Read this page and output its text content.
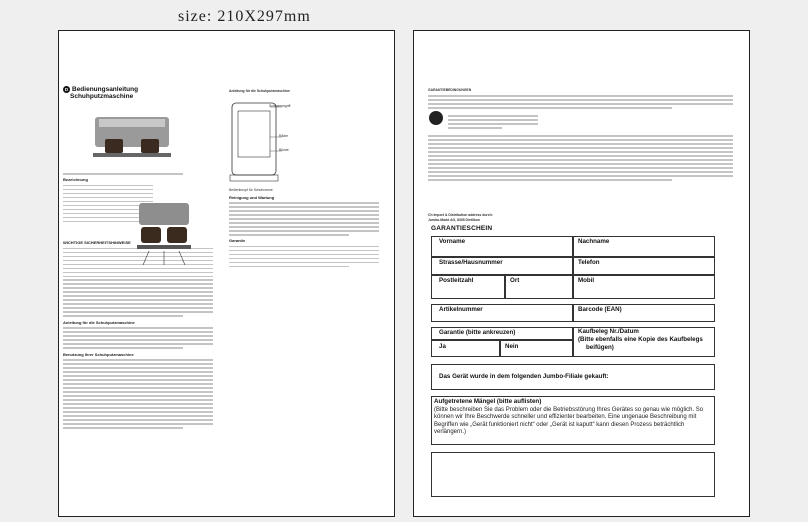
size: 210X297mm
D Bedienungsanleitung
Schuhputzmaschine
Bezeichnung
WICHTIGE SICHERHEITSHINWEISE
Anleitung für die Schuhputzmaschine
Benutzung Ihrer Schuhputzmaschine
Anleitung für die Schuhputzmaschine
Schwammgriff
Räder
Bürste
Bedienknopf für Schuhcreme
Reinigung und Wartung
Garantie
GARANTIEBEDINGUNGEN
Ch Import & Distribution address durch:
Jumbo-Markt AG, 8305 Dietlikon
GARANTIESCHEIN
Vorname	Nachname
Strasse/Hausnummer	Telefon
Postleitzahl	Ort	Mobil
Artikelnummer	Barcode (EAN)
Garantie (bitte ankreuzen)
Ja	Nein
Kaufbeleg Nr./Datum
(Bitte ebenfalls eine Kopie des Kaufbelegs
beifügen)
Das Gerät wurde in dem folgenden Jumbo-Filiale gekauft:
Aufgetretene Mängel (bitte auflisten)
(Bitte beschreiben Sie das Problem oder die Betriebsstörung Ihres Gerätes so genau wie möglich. So können wir Ihre Beschwerde schneller und effizienter bearbeiten. Eine ungenaue Beschreibung mit Begriffen wie „Gerät funktioniert nicht“ oder „Gerät ist kaputt“ kann diesen Prozess beträchtlich verlängern.)
